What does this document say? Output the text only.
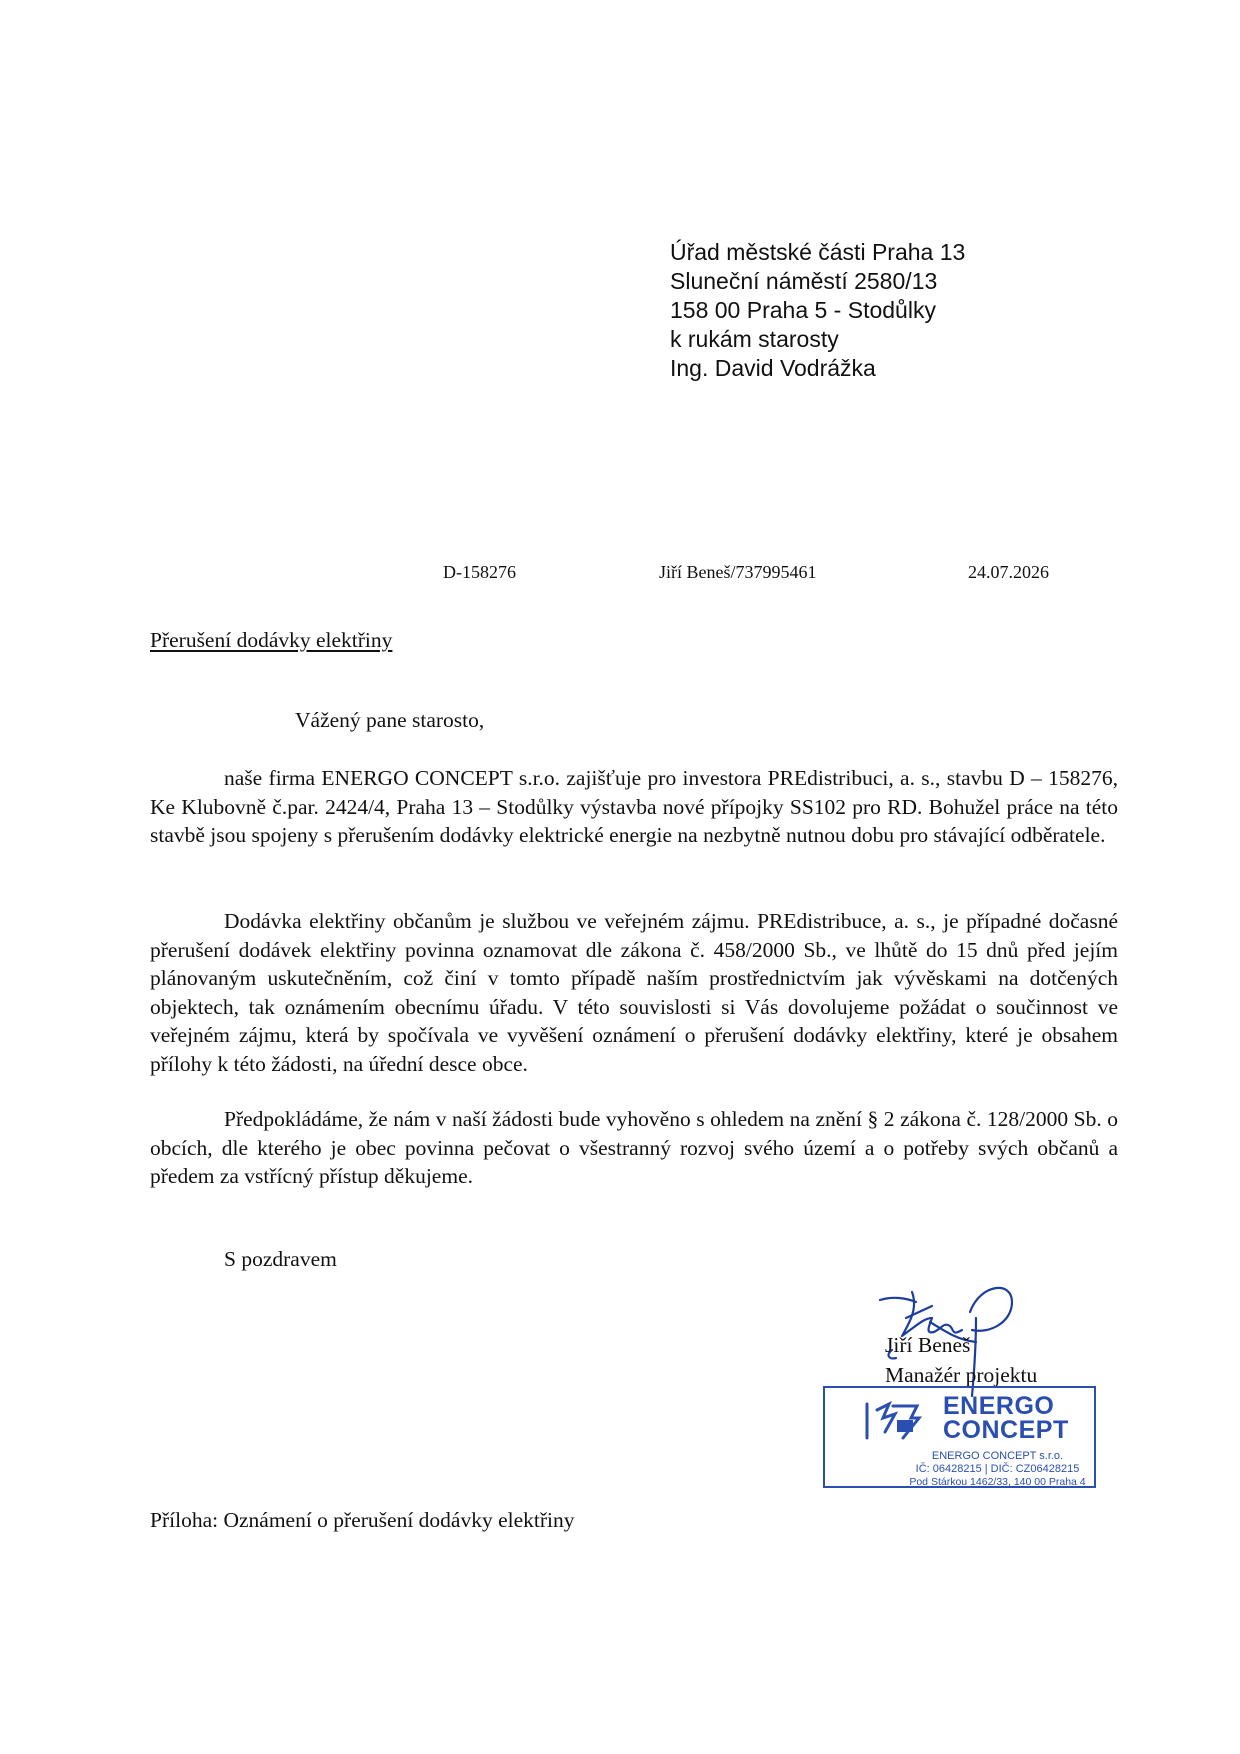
Úřad městské části Praha 13
Sluneční náměstí 2580/13
158 00 Praha 5 - Stodůlky
k rukám starosty
Ing. David Vodrážka
D-158276	Jiří Beneš/737995461	24.07.2026
Přerušení dodávky elektřiny
Vážený pane starosto,
naše firma ENERGO CONCEPT s.r.o. zajišťuje pro investora PREdistribuci, a. s., stavbu D – 158276, Ke Klubovně č.par. 2424/4, Praha 13 – Stodůlky výstavba nové přípojky SS102 pro RD. Bohužel práce na této stavbě jsou spojeny s přerušením dodávky elektrické energie na nezbytně nutnou dobu pro stávající odběratele.
Dodávka elektřiny občanům je službou ve veřejném zájmu. PREdistribuce, a. s., je případné dočasné přerušení dodávek elektřiny povinna oznamovat dle zákona č. 458/2000 Sb., ve lhůtě do 15 dnů před jejím plánovaným uskutečněním, což činí v tomto případě naším prostřednictvím jak vývěskami na dotčených objektech, tak oznámením obecnímu úřadu. V této souvislosti si Vás dovolujeme požádat o součinnost ve veřejném zájmu, která by spočívala ve vyvěšení oznámení o přerušení dodávky elektřiny, které je obsahem přílohy k této žádosti, na úřední desce obce.
Předpokládáme, že nám v naší žádosti bude vyhověno s ohledem na znění § 2 zákona č. 128/2000 Sb. o obcích, dle kterého je obec povinna pečovat o všestranný rozvoj svého území a o potřeby svých občanů a předem za vstřícný přístup děkujeme.
S pozdravem
Jiří Beneš
Manažér projektu
ENERGO
CONCEPT
ENERGO CONCEPT s.r.o.
IČ: 06428215 | DIČ: CZ06428215
Pod Stárkou 1462/33, 140 00 Praha 4
Příloha: Oznámení o přerušení dodávky elektřiny
